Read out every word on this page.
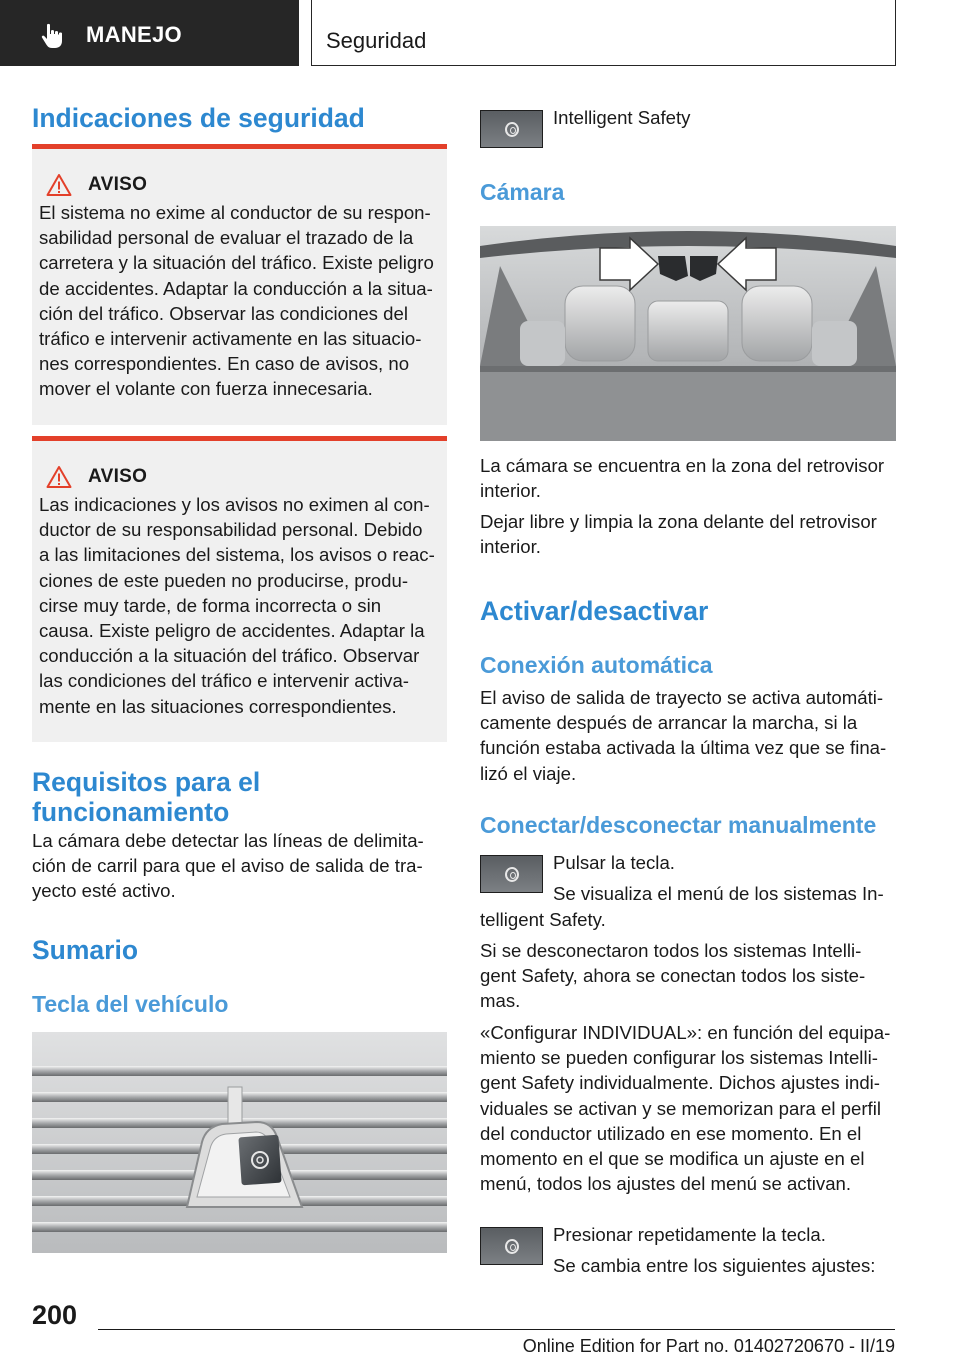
MANEJO	Seguridad
Indicaciones de seguridad
AVISO
El sistema no exime al conductor de su respon-
sabilidad personal de evaluar el trazado de la
carretera y la situación del tráfico. Existe peligro
de accidentes. Adaptar la conducción a la situa-
ción del tráfico. Observar las condiciones del
tráfico e intervenir activamente en las situacio-
nes correspondientes. En caso de avisos, no
mover el volante con fuerza innecesaria.
AVISO
Las indicaciones y los avisos no eximen al con-
ductor de su responsabilidad personal. Debido
a las limitaciones del sistema, los avisos o reac-
ciones de este pueden no producirse, produ-
cirse muy tarde, de forma incorrecta o sin
causa. Existe peligro de accidentes. Adaptar la
conducción a la situación del tráfico. Observar
las condiciones del tráfico e intervenir activa-
mente en las situaciones correspondientes.
Requisitos para el
funcionamiento
La cámara debe detectar las líneas de delimita-
ción de carril para que el aviso de salida de tra-
yecto esté activo.
Sumario
Tecla del vehículo
Intelligent Safety
Cámara
La cámara se encuentra en la zona del retrovisor
interior.
Dejar libre y limpia la zona delante del retrovisor
interior.
Activar/desactivar
Conexión automática
El aviso de salida de trayecto se activa automáti-
camente después de arrancar la marcha, si la
función estaba activada la última vez que se fina-
lizó el viaje.
Conectar/desconectar manualmente
Pulsar la tecla.
Se visualiza el menú de los sistemas In-
telligent Safety.
Si se desconectaron todos los sistemas Intelli-
gent Safety, ahora se conectan todos los siste-
mas.
«Configurar INDIVIDUAL»: en función del equipa-
miento se pueden configurar los sistemas Intelli-
gent Safety individualmente. Dichos ajustes indi-
viduales se activan y se memorizan para el perfil
del conductor utilizado en ese momento. En el
momento en el que se modifica un ajuste en el
menú, todos los ajustes del menú se activan.
Presionar repetidamente la tecla.
Se cambia entre los siguientes ajustes:
200
Online Edition for Part no. 01402720670 - II/19
